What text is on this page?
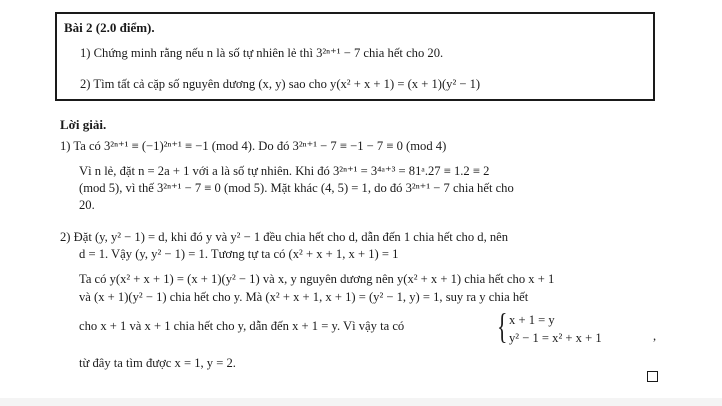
Bài 2 (2.0 điểm).
1) Chứng minh rằng nếu n là số tự nhiên lẻ thì 3²ⁿ⁺¹ − 7 chia hết cho 20.
2) Tìm tất cả cặp số nguyên dương (x, y) sao cho y(x² + x + 1) = (x + 1)(y² − 1)
Lời giải.
1) Ta có 3²ⁿ⁺¹ ≡ (−1)²ⁿ⁺¹ ≡ −1 (mod 4). Do đó 3²ⁿ⁺¹ − 7 ≡ −1 − 7 ≡ 0 (mod 4)
Vì n lẻ, đặt n = 2a + 1 với a là số tự nhiên. Khi đó 3²ⁿ⁺¹ = 3⁴ᵃ⁺³ = 81ᵃ.27 ≡ 1.2 ≡ 2
(mod 5), vì thế 3²ⁿ⁺¹ − 7 ≡ 0 (mod 5). Mặt khác (4, 5) = 1, do đó 3²ⁿ⁺¹ − 7 chia hết cho
20.
2) Đặt (y, y² − 1) = d, khi đó y và y² − 1 đều chia hết cho d, dẫn đến 1 chia hết cho d, nên
d = 1. Vậy (y, y² − 1) = 1. Tương tự ta có (x² + x + 1, x + 1) = 1
Ta có y(x² + x + 1) = (x + 1)(y² − 1) và x, y nguyên dương nên y(x² + x + 1) chia hết cho x + 1
và (x + 1)(y² − 1) chia hết cho y. Mà (x² + x + 1, x + 1) = (y² − 1, y) = 1, suy ra y chia hết
cho x + 1 và x + 1 chia hết cho y, dẫn đến x + 1 = y. Vì vậy ta có	{ x + 1 = y
y² − 1 = x² + x + 1	,
từ đây ta tìm được x = 1, y = 2.
